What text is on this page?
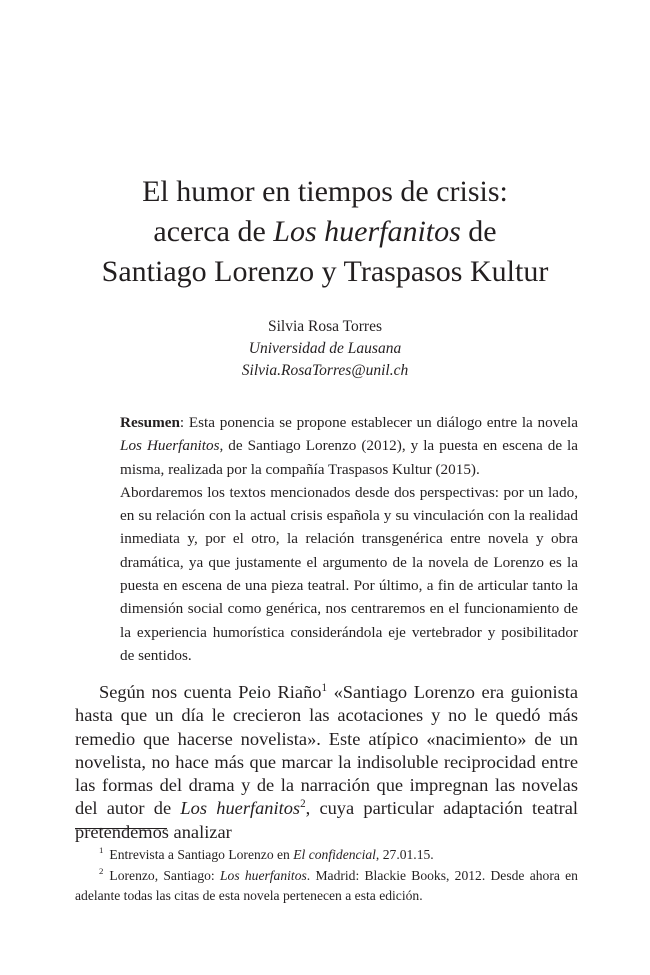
El humor en tiempos de crisis:
acerca de Los huerfanitos de
Santiago Lorenzo y Traspasos Kultur
Silvia Rosa Torres
Universidad de Lausana
Silvia.RosaTorres@unil.ch

Resumen: Esta ponencia se propone establecer un diálogo entre la novela Los Huerfanitos, de Santiago Lorenzo (2012), y la puesta en escena de la misma, realizada por la compañía Traspasos Kultur (2015).

Abordaremos los textos mencionados desde dos perspectivas: por un lado, en su relación con la actual crisis española y su vinculación con la realidad inmediata y, por el otro, la relación transgenérica entre novela y obra dramática, ya que justamente el argumento de la novela de Lorenzo es la puesta en escena de una pieza teatral. Por último, a fin de articular tanto la dimensión social como genérica, nos centraremos en el funcionamiento de la experiencia humorística considerándola eje vertebrador y posibilitador de sentidos.

Según nos cuenta Peio Riaño$^1$ «Santiago Lorenzo era guionista hasta que un día le crecieron las acotaciones y no le quedó más remedio que hacerse novelista». Este atípico «nacimiento» de un novelista, no hace más que marcar la indisoluble reciprocidad entre las formas del drama y de la narración que impregnan las novelas del autor de Los huerfanitos$^2$, cuya particular adaptación teatral pretendemos analizar

$^1$ Entrevista a Santiago Lorenzo en El confidencial, 27.01.15.

$^2$ Lorenzo, Santiago: Los huerfanitos. Madrid: Blackie Books, 2012. Desde ahora en adelante todas las citas de esta novela pertenecen a esta edición.
